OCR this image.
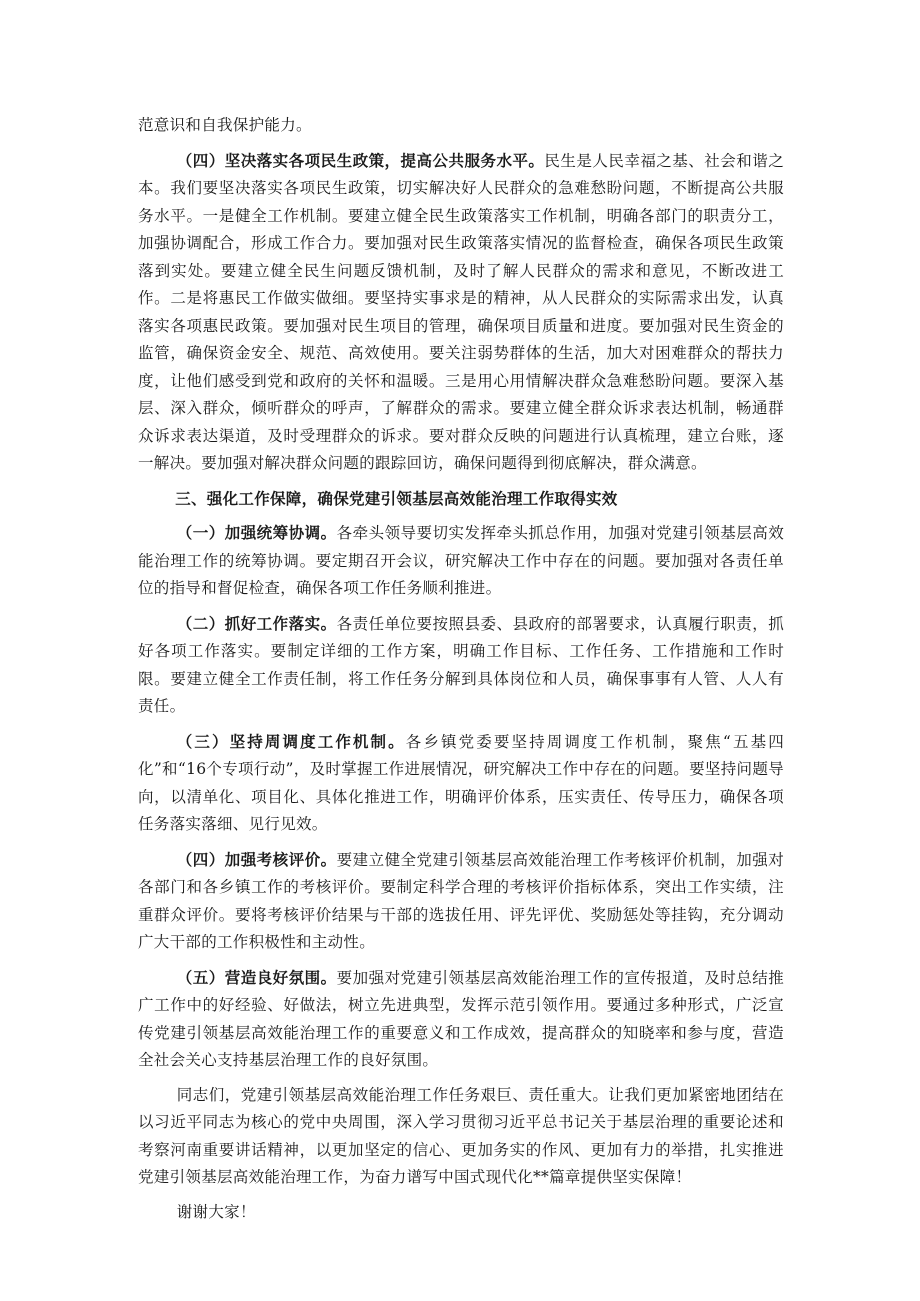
范意识和自我保护能力。

（四）坚决落实各项民生政策，提高公共服务水平。民生是人民幸福之基、社会和谐之本。我们要坚决落实各项民生政策，切实解决好人民群众的急难愁盼问题，不断提高公共服务水平。一是健全工作机制。要建立健全民生政策落实工作机制，明确各部门的职责分工，加强协调配合，形成工作合力。要加强对民生政策落实情况的监督检查，确保各项民生政策落到实处。要建立健全民生问题反馈机制，及时了解人民群众的需求和意见，不断改进工作。二是将惠民工作做实做细。要坚持实事求是的精神，从人民群众的实际需求出发，认真落实各项惠民政策。要加强对民生项目的管理，确保项目质量和进度。要加强对民生资金的监管，确保资金安全、规范、高效使用。要关注弱势群体的生活，加大对困难群众的帮扶力度，让他们感受到党和政府的关怀和温暖。三是用心用情解决群众急难愁盼问题。要深入基层、深入群众，倾听群众的呼声，了解群众的需求。要建立健全群众诉求表达机制，畅通群众诉求表达渠道，及时受理群众的诉求。要对群众反映的问题进行认真梳理，建立台账，逐一解决。要加强对解决群众问题的跟踪回访，确保问题得到彻底解决，群众满意。

三、强化工作保障，确保党建引领基层高效能治理工作取得实效

（一）加强统筹协调。各牵头领导要切实发挥牵头抓总作用，加强对党建引领基层高效能治理工作的统筹协调。要定期召开会议，研究解决工作中存在的问题。要加强对各责任单位的指导和督促检查，确保各项工作任务顺利推进。

（二）抓好工作落实。各责任单位要按照县委、县政府的部署要求，认真履行职责，抓好各项工作落实。要制定详细的工作方案，明确工作目标、工作任务、工作措施和工作时限。要建立健全工作责任制，将工作任务分解到具体岗位和人员，确保事事有人管、人人有责任。

（三）坚持周调度工作机制。各乡镇党委要坚持周调度工作机制，聚焦“五基四化”和“16个专项行动”，及时掌握工作进展情况，研究解决工作中存在的问题。要坚持问题导向，以清单化、项目化、具体化推进工作，明确评价体系，压实责任、传导压力，确保各项任务落实落细、见行见效。

（四）加强考核评价。要建立健全党建引领基层高效能治理工作考核评价机制，加强对各部门和各乡镇工作的考核评价。要制定科学合理的考核评价指标体系，突出工作实绩，注重群众评价。要将考核评价结果与干部的选拔任用、评先评优、奖励惩处等挂钩，充分调动广大干部的工作积极性和主动性。

（五）营造良好氛围。要加强对党建引领基层高效能治理工作的宣传报道，及时总结推广工作中的好经验、好做法，树立先进典型，发挥示范引领作用。要通过多种形式，广泛宣传党建引领基层高效能治理工作的重要意义和工作成效，提高群众的知晓率和参与度，营造全社会关心支持基层治理工作的良好氛围。

同志们，党建引领基层高效能治理工作任务艰巨、责任重大。让我们更加紧密地团结在以习近平同志为核心的党中央周围，深入学习贯彻习近平总书记关于基层治理的重要论述和考察河南重要讲话精神，以更加坚定的信心、更加务实的作风、更加有力的举措，扎实推进党建引领基层高效能治理工作，为奋力谱写中国式现代化**篇章提供坚实保障！

谢谢大家！
